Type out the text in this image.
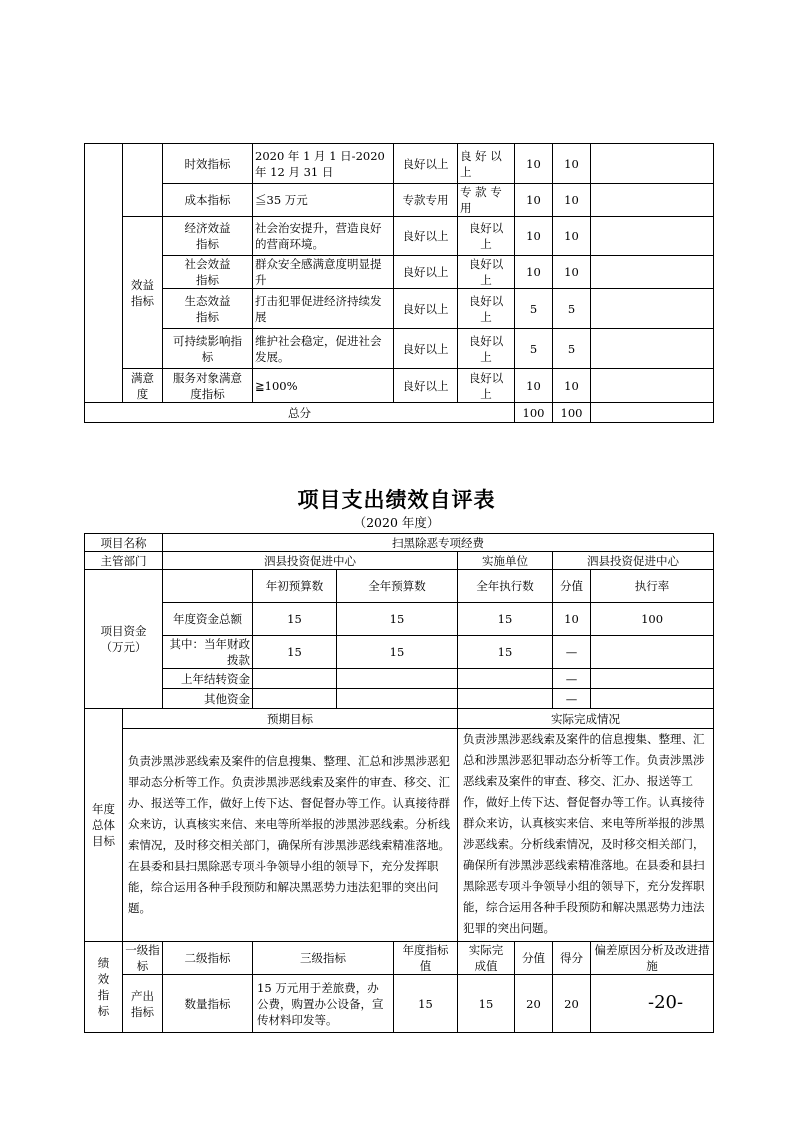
		时效指标	2020 年 1 月 1 日-2020 年 12 月 31 日	良好以上	良 好 以 上	10	10	
		成本指标	≦35 万元	专款专用	专 款 专 用	10	10	
	效益指标	经济效益指标	社会治安提升，营造良好的营商环境。	良好以上	良好以上	10	10	
		社会效益指标	群众安全感满意度明显提升	良好以上	良好以上	10	10	
		生态效益指标	打击犯罪促进经济持续发展	良好以上	良好以上	5	5	
		可持续影响指标	维护社会稳定，促进社会发展。	良好以上	良好以上	5	5	
	满意度	服务对象满意度指标	≧100%	良好以上	良好以上	10	10	
总分						100	100	
项目支出绩效自评表
（2020 年度）
项目名称		扫黑除恶专项经费								
主管部门		泗县投资促进中心				实施单位		泗县投资促进中心		
项目资金（万元）			年初预算数	全年预算数		全年执行数		分值	执行率	
		年度资金总额	15	15		15		10	100	
		其中：当年财政拨款	15	15		15		—		
		上年结转资金						—		
		其他资金						—		
年度总体目标	预期目标					实际完成情况				
	负责涉黑涉恶线索及案件的信息搜集、整理、汇总和涉黑涉恶犯罪动态分析等工作。负责涉黑涉恶线索及案件的审查、移交、汇办、报送等工作，做好上传下达、督促督办等工作。认真接待群众来访，认真核实来信、来电等所举报的涉黑涉恶线索。分析线索情况，及时移交相关部门，确保所有涉黑涉恶线索精准落地。在县委和县扫黑除恶专项斗争领导小组的领导下，充分发挥职能，综合运用各种手段预防和解决黑恶势力违法犯罪的突出问题。					负责涉黑涉恶线索及案件的信息搜集、整理、汇总和涉黑涉恶犯罪动态分析等工作。负责涉黑涉恶线索及案件的审查、移交、汇办、报送等工作，做好上传下达、督促督办等工作。认真接待群众来访，认真核实来信、来电等所举报的涉黑涉恶线索。分析线索情况，及时移交相关部门，确保所有涉黑涉恶线索精准落地。在县委和县扫黑除恶专项斗争领导小组的领导下，充分发挥职能，综合运用各种手段预防和解决黑恶势力违法犯罪的突出问题。				
绩效指标	一级指标	二级指标	三级指标		年度指标值	实际完成值	分值	得分	偏差原因分析及改进措施	
	产出指标	数量指标	15 万元用于差旅费，办公费，购置办公设备，宣传材料印发等。		15	15	20	20			-20-
